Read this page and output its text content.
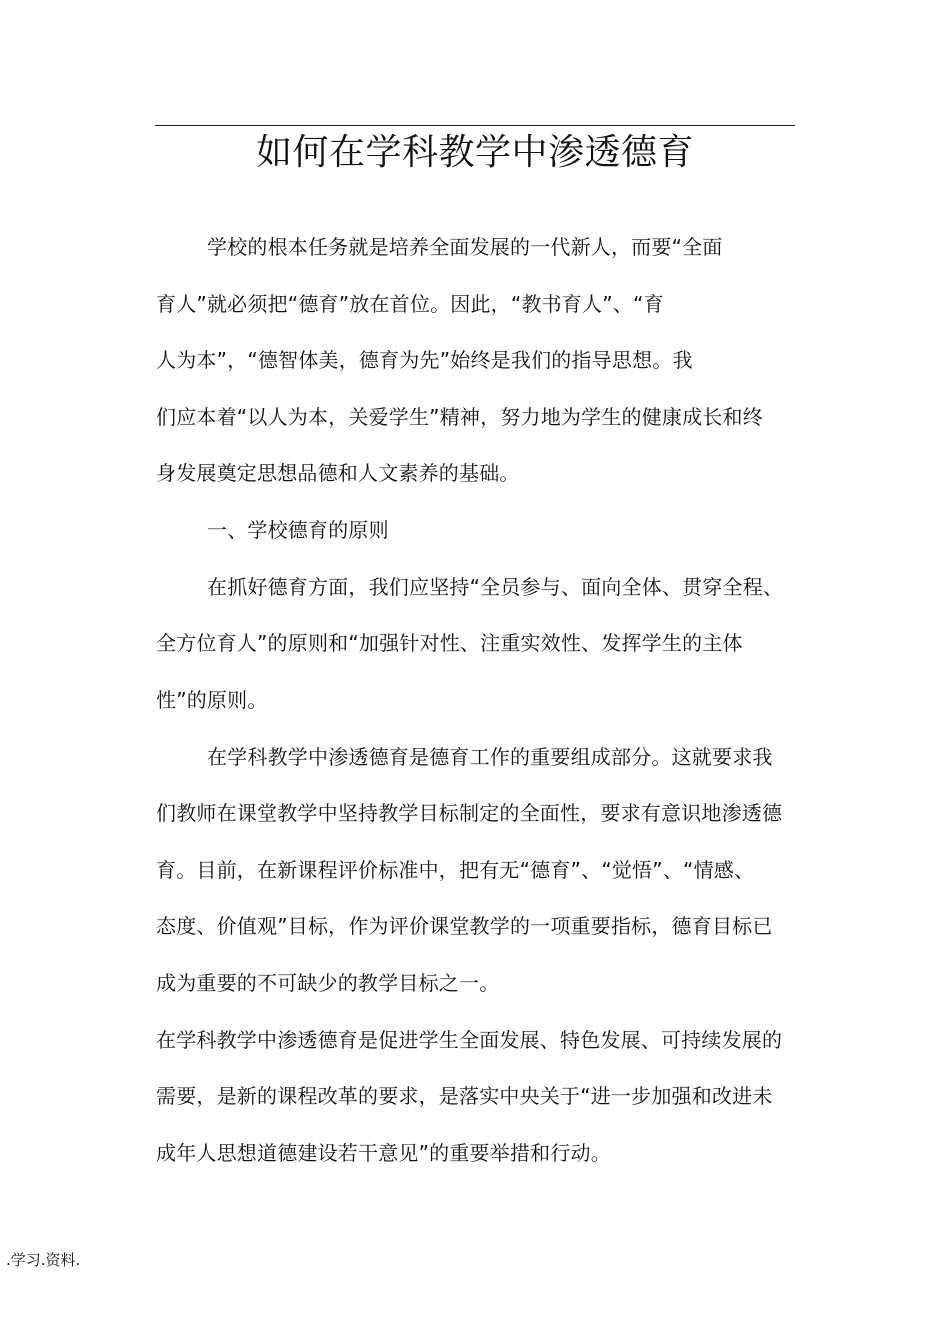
如何在学科教学中渗透德育
学校的根本任务就是培养全面发展的一代新人，而要“全面
育人”就必须把“德育”放在首位。因此，“教书育人”、“育
人为本”，“德智体美，德育为先”始终是我们的指导思想。我
们应本着“以人为本，关爱学生”精神，努力地为学生的健康成长和终
身发展奠定思想品德和人文素养的基础。
一、学校德育的原则
在抓好德育方面，我们应坚持“全员参与、面向全体、贯穿全程、
全方位育人”的原则和“加强针对性、注重实效性、发挥学生的主体
性”的原则。
在学科教学中渗透德育是德育工作的重要组成部分。这就要求我
们教师在课堂教学中坚持教学目标制定的全面性，要求有意识地渗透德
育。目前，在新课程评价标准中，把有无“德育”、“觉悟”、“情感、
态度、价值观”目标，作为评价课堂教学的一项重要指标，德育目标已
成为重要的不可缺少的教学目标之一。
在学科教学中渗透德育是促进学生全面发展、特色发展、可持续发展的
需要，是新的课程改革的要求，是落实中央关于“进一步加强和改进未
成年人思想道德建设若干意见”的重要举措和行动。
.学习.资料.
